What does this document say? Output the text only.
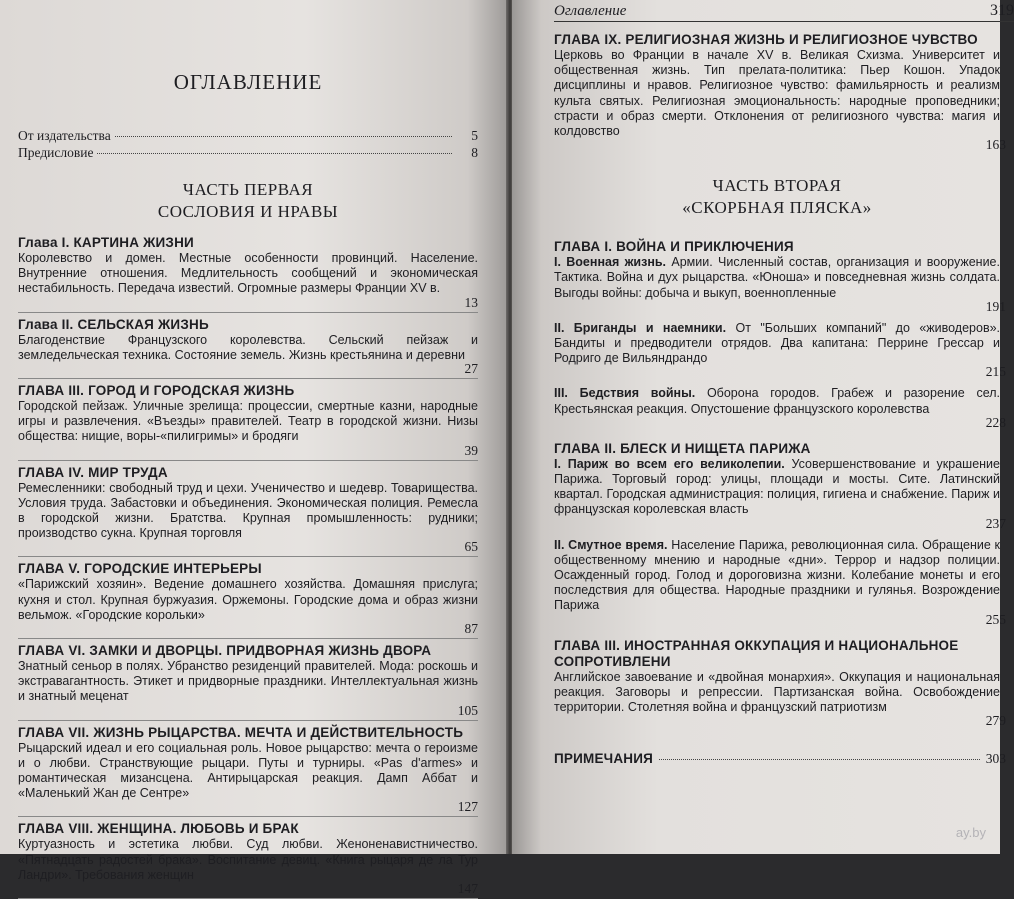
ОГЛАВЛЕНИЕ
От издательства	5
Предисловие	8
ЧАСТЬ ПЕРВАЯ
СОСЛОВИЯ И НРАВЫ
Глава I. КАРТИНА ЖИЗНИ
Королевство и домен. Местные особенности провинций. Население. Внутренние отношения. Медлительность сообщений и экономическая нестабильность. Передача известий. Огромные размеры Франции XV в.
13
Глава II. СЕЛЬСКАЯ ЖИЗНЬ
Благоденствие Французского королевства. Сельский пейзаж и земледельческая техника. Состояние земель. Жизнь крестьянина и деревни
27
ГЛАВА III. ГОРОД И ГОРОДСКАЯ ЖИЗНЬ
Городской пейзаж. Уличные зрелища: процессии, смертные казни, народные игры и развлечения. «Въезды» правителей. Театр в городской жизни. Низы общества: нищие, воры-«пилигримы» и бродяги
39
ГЛАВА IV. МИР ТРУДА
Ремесленники: свободный труд и цехи. Ученичество и шедевр. Товарищества. Условия труда. Забастовки и объединения. Экономическая полиция. Ремесла в городской жизни. Братства. Крупная промышленность: рудники; производство сукна. Крупная торговля
65
ГЛАВА V. ГОРОДСКИЕ ИНТЕРЬЕРЫ
«Парижский хозяин». Ведение домашнего хозяйства. Домашняя прислуга; кухня и стол. Крупная буржуазия. Оржемоны. Городские дома и образ жизни вельмож. «Городские корольки»
87
ГЛАВА VI. ЗАМКИ И ДВОРЦЫ. ПРИДВОРНАЯ ЖИЗНЬ ДВОРА
Знатный сеньор в полях. Убранство резиденций правителей. Мода: роскошь и экстравагантность. Этикет и придворные праздники. Интеллектуальная жизнь и знатный меценат
105
ГЛАВА VII. ЖИЗНЬ РЫЦАРСТВА. МЕЧТА И ДЕЙСТВИТЕЛЬНОСТЬ
Рыцарский идеал и его социальная роль. Новое рыцарство: мечта о героизме и о любви. Странствующие рыцари. Путы и турниры. «Pas d'armes» и романтическая мизансцена. Антирыцарская реакция. Дамп Аббат и «Маленький Жан де Сентре»
127
ГЛАВА VIII. ЖЕНЩИНА. ЛЮБОВЬ И БРАК
Куртуазность и эстетика любви. Суд любви. Женоненавистничество. «Пятнадцать радостей брака». Воспитание девиц. «Книга рыцаря де ла Тур Ландри». Требования женщин
147
Оглавление	319
ГЛАВА IX. РЕЛИГИОЗНАЯ ЖИЗНЬ И РЕЛИГИОЗНОЕ ЧУВСТВО
Церковь во Франции в начале XV в. Великая Схизма. Университет и общественная жизнь. Тип прелата-политика: Пьер Кошон. Упадок дисциплины и нравов. Религиозное чувство: фамильярность и реализм культа святых. Религиозная эмоциональность: народные проповедники; страсти и образ смерти. Отклонения от религиозного чувства: магия и колдовство
163
ЧАСТЬ ВТОРАЯ
«СКОРБНАЯ ПЛЯСКА»
ГЛАВА I. ВОЙНА И ПРИКЛЮЧЕНИЯ
I. Военная жизнь. Армии. Численный состав, организация и вооружение. Тактика. Война и дух рыцарства. «Юноша» и повседневная жизнь солдата. Выгоды войны: добыча и выкуп, военнопленные
191
II. Бриганды и наемники. От "Больших компаний" до «живодеров». Бандиты и предводители отрядов. Два капитана: Перрине Грессар и Родриго де Вильяндрандо
215
III. Бедствия войны. Оборона городов. Грабеж и разорение сел. Крестьянская реакция. Опустошение французского королевства
228
ГЛАВА II. БЛЕСК И НИЩЕТА ПАРИЖА
I. Париж во всем его великолепии. Усовершенствование и украшение Парижа. Торговый город: улицы, площади и мосты. Сите. Латинский квартал. Городская администрация: полиция, гигиена и снабжение. Париж и французская королевская власть
237
II. Смутное время. Население Парижа, революционная сила. Обращение к общественному мнению и народные «дни». Террор и надзор полиции. Осажденный город. Голод и дороговизна жизни. Колебание монеты и его последствия для общества. Народные праздники и гулянья. Возрождение Парижа
255
ГЛАВА III. ИНОСТРАННАЯ ОККУПАЦИЯ И НАЦИОНАЛЬНОЕ СОПРОТИВЛЕНИ
Английское завоевание и «двойная монархия». Оккупация и национальная реакция. Заговоры и репрессии. Партизанская война. Освобождение территории. Столетняя война и французский патриотизм
279
ПРИМЕЧАНИЯ	303
ay.by
